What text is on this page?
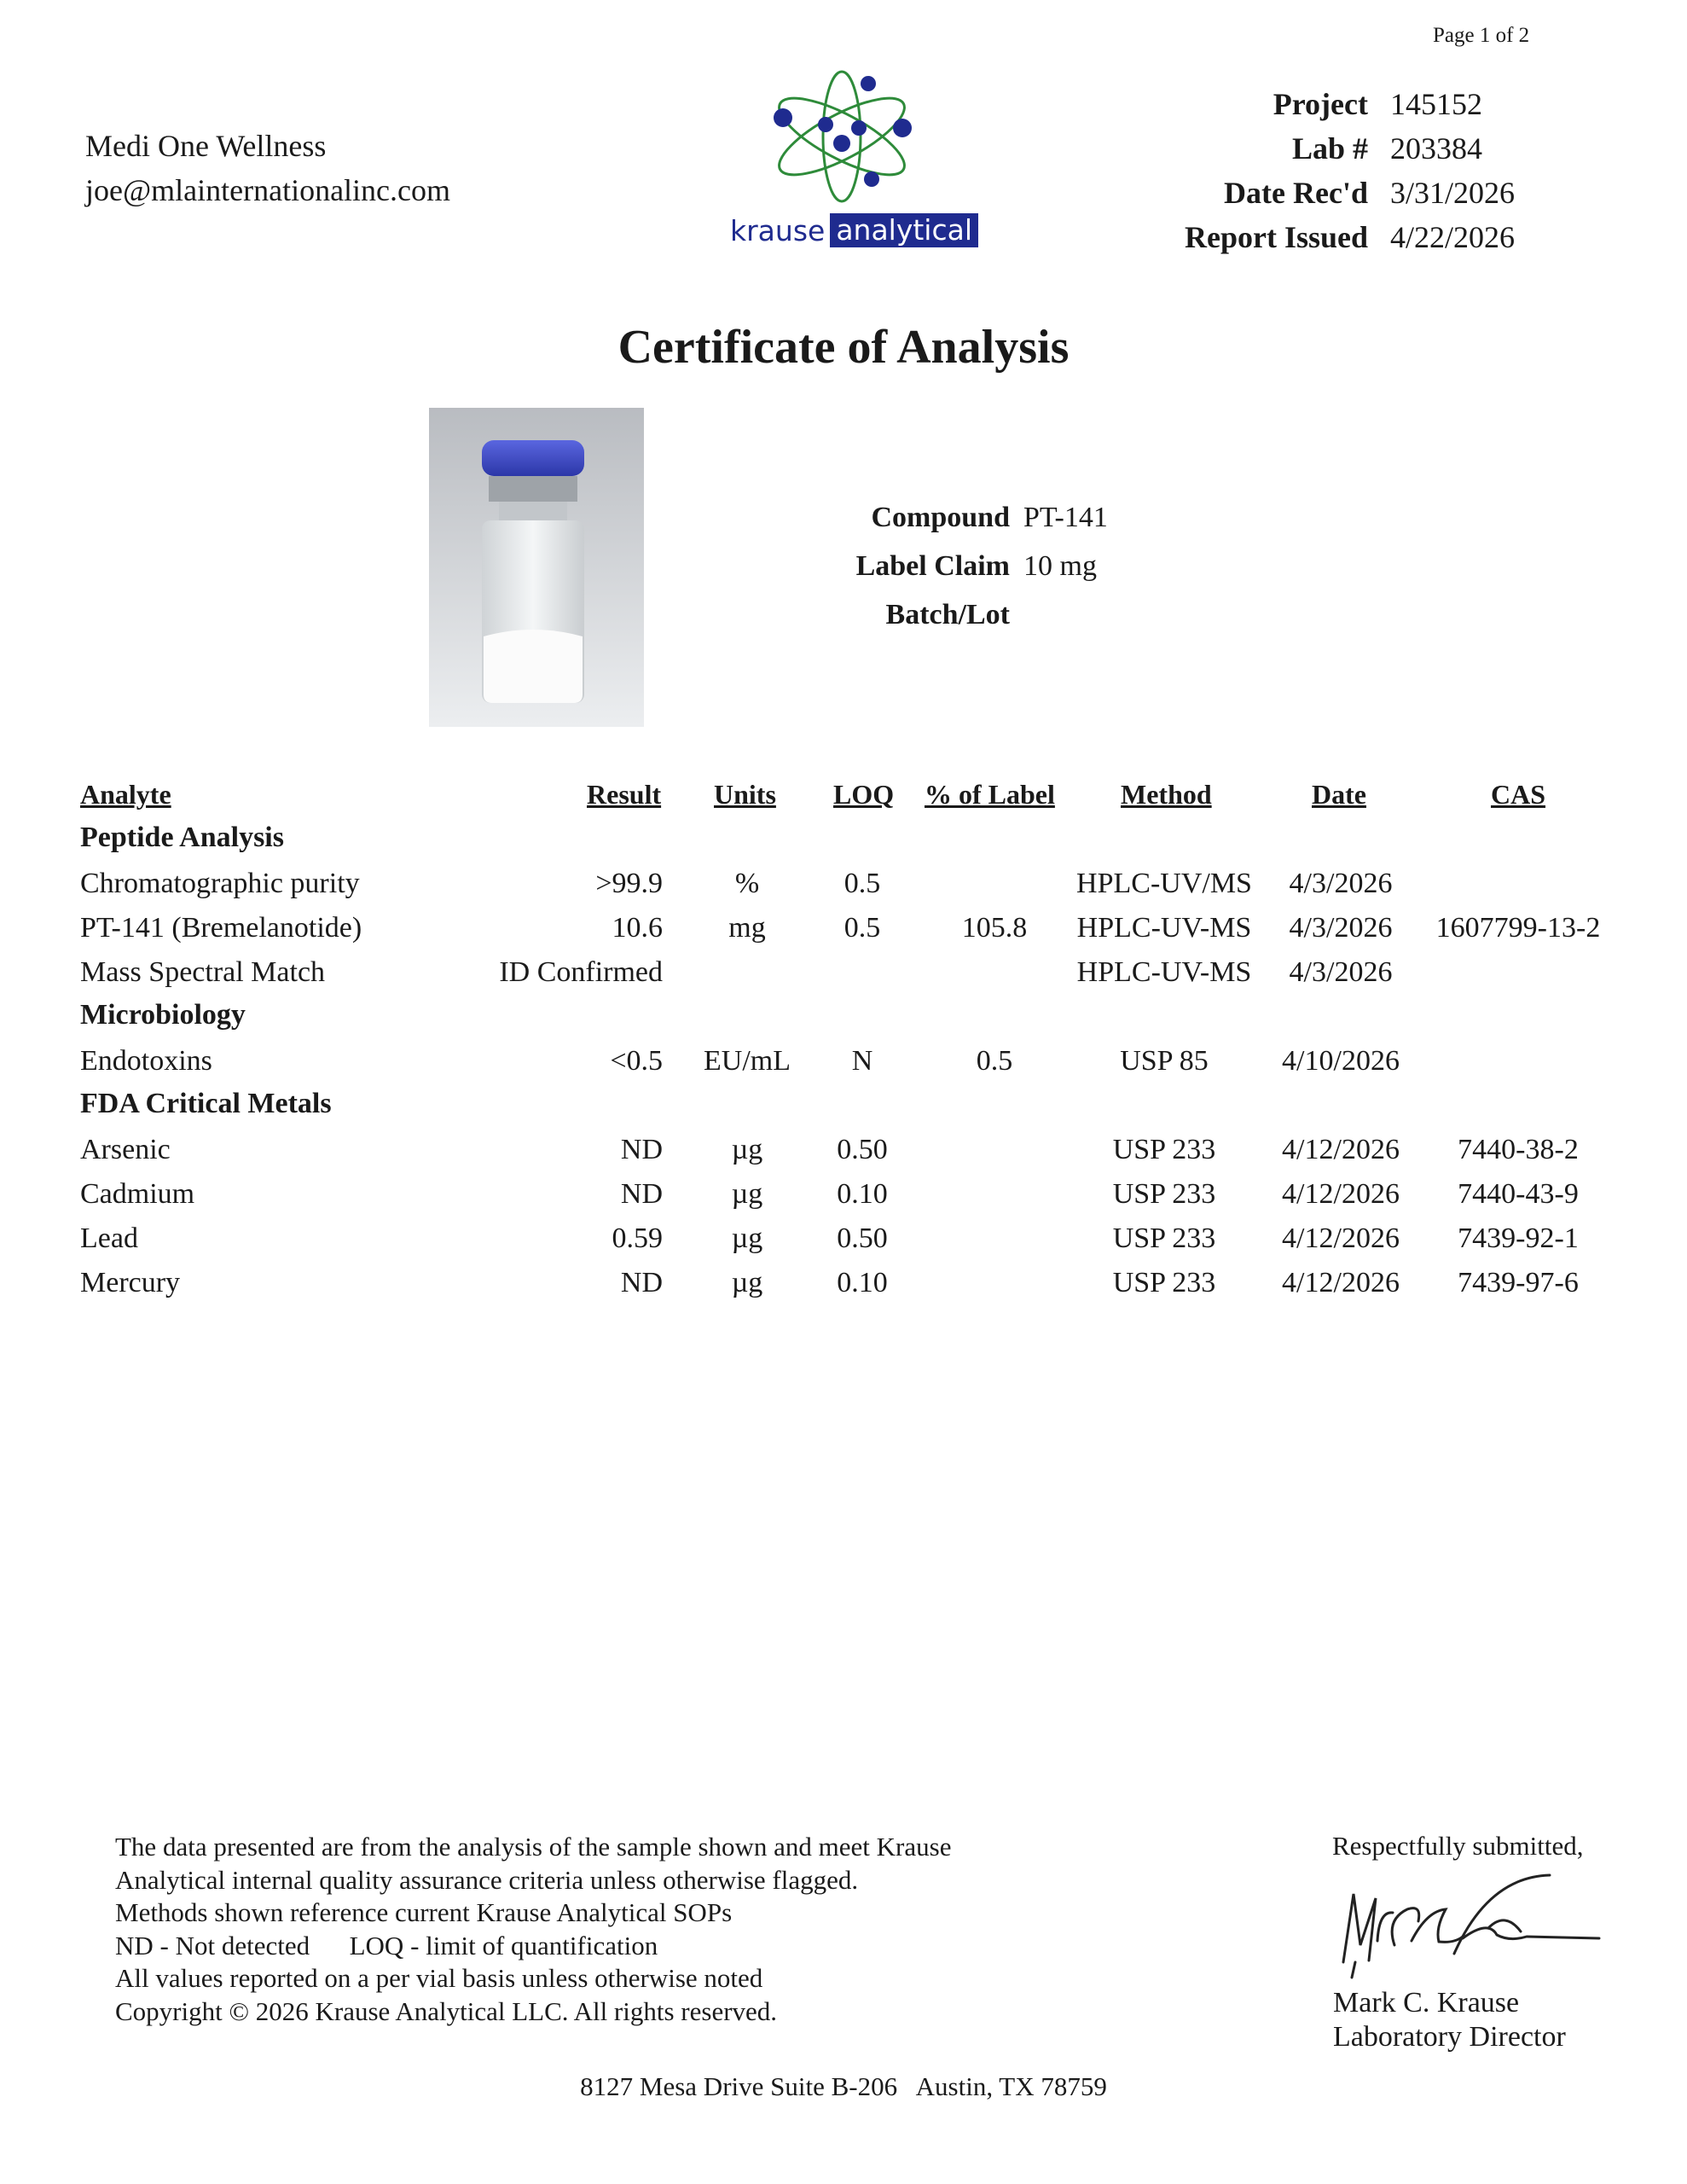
Page 1 of 2
Medi One Wellness
joe@mlainternationalinc.com
krause analytical
Project 145152
Lab # 203384
Date Rec'd 3/31/2026
Report Issued 4/22/2026
Certificate of Analysis
Compound PT-141
Label Claim 10 mg
Batch/Lot
Analyte	Result Units LOQ % of Label Method	Date	CAS
Peptide Analysis
Chromatographic purity	>99.9 %	0.5	HPLC-UV/MS 4/3/2026
PT-141 (Bremelanotide)	10.6 mg	0.5	105.8 HPLC-UV-MS 4/3/2026 1607799-13-2
Mass Spectral Match	ID Confirmed	HPLC-UV-MS 4/3/2026
Microbiology
Endotoxins	<0.5 EU/mL N	0.5	USP 85	4/10/2026
FDA Critical Metals
Arsenic	ND µg	0.50	USP 233 4/12/2026 7440-38-2
Cadmium	ND µg	0.10	USP 233 4/12/2026 7440-43-9
Lead	0.59 µg	0.50	USP 233 4/12/2026 7439-92-1
Mercury	ND µg	0.10	USP 233 4/12/2026 7439-97-6
The data presented are from the analysis of the sample shown and meet Krause
Analytical internal quality assurance criteria unless otherwise flagged.
Methods shown reference current Krause Analytical SOPs
ND - Not detected      LOQ - limit of quantification
All values reported on a per vial basis unless otherwise noted
Copyright © 2026 Krause Analytical LLC. All rights reserved.
Respectfully submitted,
Mark C. Krause
Laboratory Director
8127 Mesa Drive Suite B-206   Austin, TX 78759
